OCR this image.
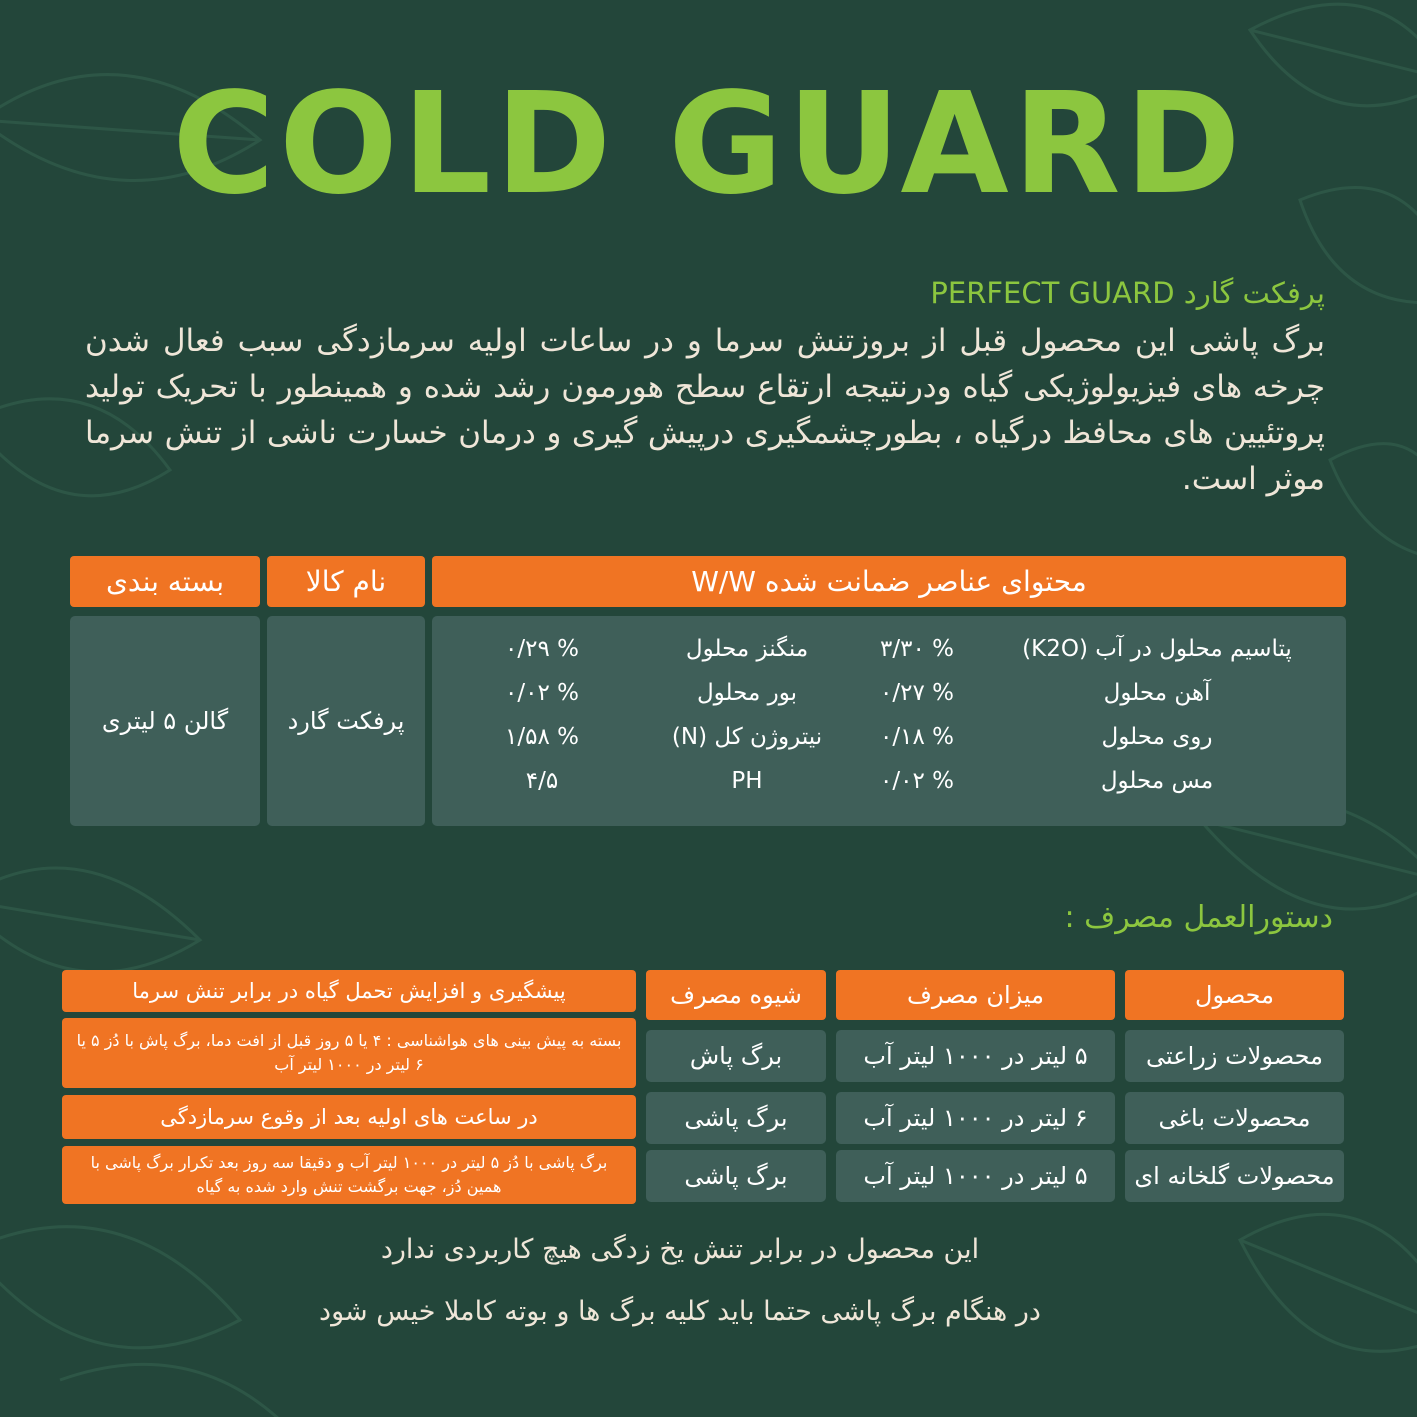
COLD GUARD
پرفکت گارد PERFECT GUARD
برگ پاشی این محصول قبل از بروزتنش سرما و در ساعات اولیه سرمازدگی سبب فعال شدن چرخه های فیزیولوژیکی گیاه ودرنتیجه ارتقاع سطح هورمون رشد شده و همینطور با تحریک تولید پروتئیین های محافظ درگیاه ، بطورچشمگیری درپیش گیری و درمان خسارت ناشی از تنش سرما موثر است.
بسته بندی	نام کالا	محتوای عناصر ضمانت شده W/W
گالن ۵ لیتری پرفکت گارد
پتاسیم محلول در آب (K2O)
آهن محلول
روی محلول
مس محلول
% ۳/۳۰
% ۰/۲۷
% ۰/۱۸
% ۰/۰۲
منگنز محلول
بور محلول
نیتروژن کل (N)
PH
% ۰/۲۹
% ۰/۰۲
% ۱/۵۸
۴/۵
دستورالعمل مصرف :
محصول
میزان مصرف
شیوه مصرف
پیشگیری و افزایش تحمل گیاه در برابر تنش سرما
محصولات زراعتی
۵ لیتر در ۱۰۰۰ لیتر آب
برگ پاش
بسته به پیش بینی های هواشناسی : ۴ یا ۵ روز قبل از افت دما، برگ پاش با دُز ۵ یا ۶ لیتر در ۱۰۰۰ لیتر آب
محصولات باغی
۶ لیتر در ۱۰۰۰ لیتر آب
برگ پاشی
در ساعت های اولیه بعد از وقوع سرمازدگی
محصولات گلخانه ای
۵ لیتر در ۱۰۰۰ لیتر آب
برگ پاشی
برگ پاشی با دُز ۵ لیتر در ۱۰۰۰ لیتر آب و دقیقا سه روز بعد تکرار برگ پاشی با همین دُز، جهت برگشت تنش وارد شده به گیاه
این محصول در برابر تنش یخ زدگی هیچ کاربردی ندارد
در هنگام برگ پاشی حتما باید کلیه برگ ها و بوته کاملا خیس شود
